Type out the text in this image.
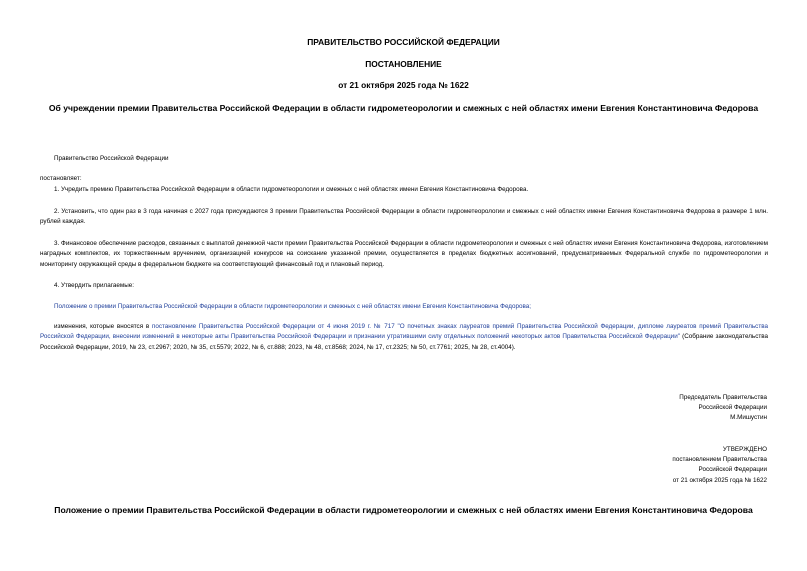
ПРАВИТЕЛЬСТВО РОССИЙСКОЙ ФЕДЕРАЦИИ
ПОСТАНОВЛЕНИЕ
от 21 октября 2025 года № 1622
Об учреждении премии Правительства Российской Федерации в области гидрометеорологии и смежных с ней областях имени Евгения Константиновича Федорова

Правительство Российской Федерации

постановляет:

1. Учредить премию Правительства Российской Федерации в области гидрометеорологии и смежных с ней областях имени Евгения Константиновича Федорова.

2. Установить, что один раз в 3 года начиная с 2027 года присуждаются 3 премии Правительства Российской Федерации в области гидрометеорологии и смежных с ней областях имени Евгения Константиновича Федорова в размере 1 млн. рублей каждая.

3. Финансовое обеспечение расходов, связанных с выплатой денежной части премии Правительства Российской Федерации в области гидрометеорологии и смежных с ней областях имени Евгения Константиновича Федорова, изготовлением наградных комплектов, их торжественным вручением, организацией конкурсов на соискание указанной премии, осуществляется в пределах бюджетных ассигнований, предусматриваемых Федеральной службе по гидрометеорологии и мониторингу окружающей среды в федеральном бюджете на соответствующий финансовый год и плановый период.

4. Утвердить прилагаемые:

Положение о премии Правительства Российской Федерации в области гидрометеорологии и смежных с ней областях имени Евгения Константиновича Федорова;

изменения, которые вносятся в постановление Правительства Российской Федерации от 4 июня 2019 г. № 717 "О почетных знаках лауреатов премий Правительства Российской Федерации, дипломе лауреатов премий Правительства Российской Федерации, внесении изменений в некоторые акты Правительства Российской Федерации и признании утратившими силу отдельных положений некоторых актов Правительства Российской Федерации" (Собрание законодательства Российской Федерации, 2019, № 23, ст.2967; 2020, № 35, ст.5579; 2022, № 6, ст.888; 2023, № 48, ст.8568; 2024, № 17, ст.2325; № 50, ст.7761; 2025, № 28, ст.4004).

Председатель Правительства
Российской Федерации
М.Мишустин
УТВЕРЖДЕНО
постановлением Правительства
Российской Федерации
от 21 октября 2025 года № 1622
Положение о премии Правительства Российской Федерации в области гидрометеорологии и смежных с ней областях имени Евгения Константиновича Федорова
